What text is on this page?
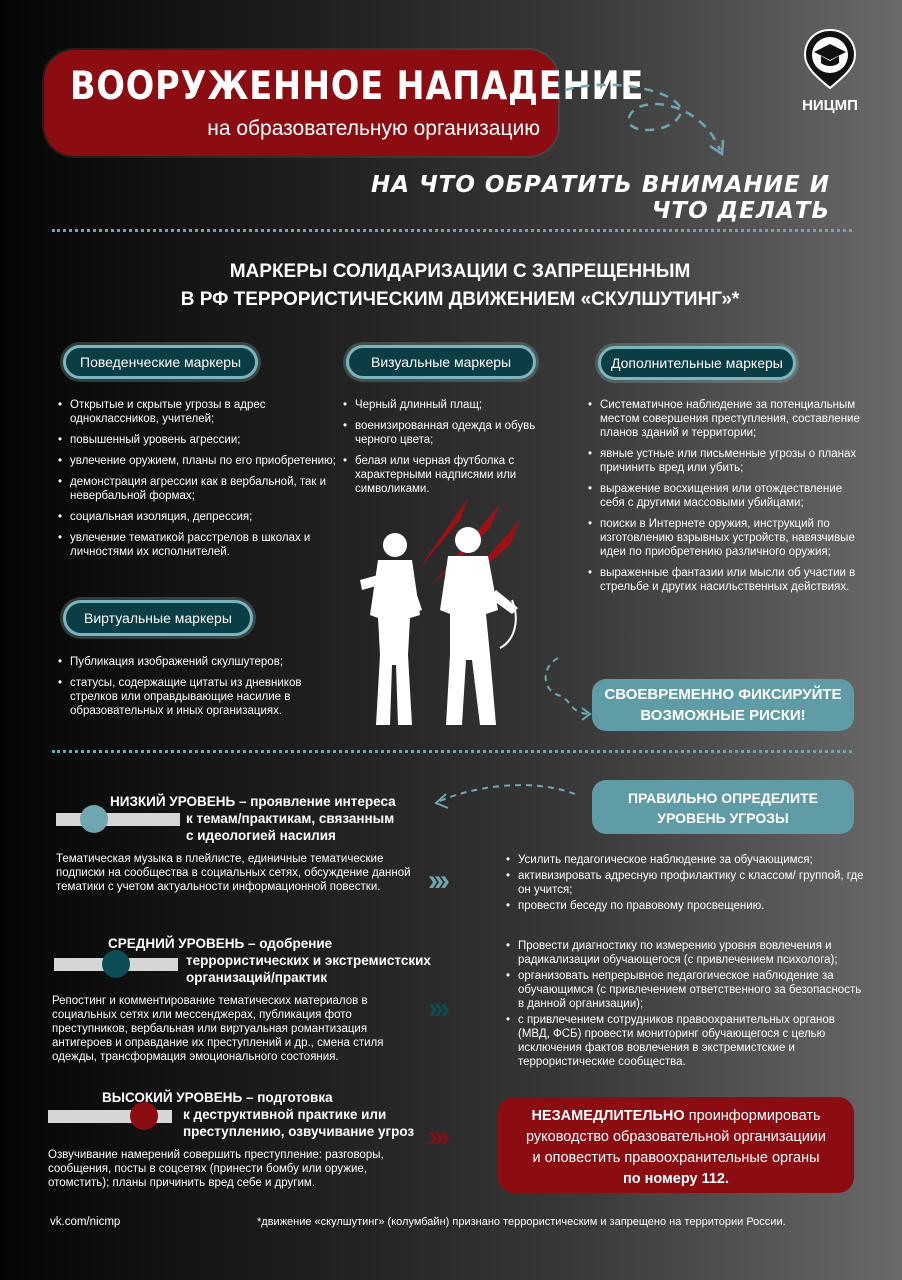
ВООРУЖЕННОЕ НАПАДЕНИЕ
на образовательную организацию
НИЦМП
НА ЧТО ОБРАТИТЬ ВНИМАНИЕ И ЧТО ДЕЛАТЬ
МАРКЕРЫ СОЛИДАРИЗАЦИИ С ЗАПРЕЩЕННЫМ
В РФ ТЕРРОРИСТИЧЕСКИМ ДВИЖЕНИЕМ «СКУЛШУТИНГ»*
Поведенческие маркеры
• Открытые и скрытые угрозы в адрес одноклассников, учителей;
• повышенный уровень агрессии;
• увлечение оружием, планы по его приобретению;
• демонстрация агрессии как в вербальной, так и невербальной формах;
• социальная изоляция, депрессия;
• увлечение тематикой расстрелов в школах и личностями их исполнителей.
Виртуальные маркеры
• Публикация изображений скулшутеров;
• статусы, содержащие цитаты из дневников стрелков или оправдывающие насилие в образовательных и иных организациях.
Визуальные маркеры
• Черный длинный плащ;
• военизированная одежда и обувь черного цвета;
• белая или черная футболка с характерными надписями или символиками.
Дополнительные маркеры
• Систематичное наблюдение за потенциальным местом совершения преступления, составление планов зданий и территории;
• явные устные или письменные угрозы о планах причинить вред или убить;
• выражение восхищения или отождествление себя с другими массовыми убийцами;
• поиски в Интернете оружия, инструкций по изготовлению взрывных устройств, навязчивые идеи по приобретению различного оружия;
• выраженные фантазии или мысли об участии в стрельбе и других насильственных действиях.
СВОЕВРЕМЕННО ФИКСИРУЙТЕ
ВОЗМОЖНЫЕ РИСКИ!
ПРАВИЛЬНО ОПРЕДЕЛИТЕ
УРОВЕНЬ УГРОЗЫ
НИЗКИЙ УРОВЕНЬ – проявление интереса
к темам/практикам, связанным
с идеологией насилия
Тематическая музыка в плейлисте, единичные тематические подписки на сообщества в социальных сетях, обсуждение данной тематики с учетом актуальности информационной повестки.	›››
• Усилить педагогическое наблюдение за обучающимся;
• активизировать адресную профилактику с классом/ группой, где он учится;
• провести беседу по правовому просвещению.
СРЕДНИЙ УРОВЕНЬ – одобрение
террористических и экстремистских
организаций/практик
Репостинг и комментирование тематических материалов в социальных сетях или мессенджерах, публикация фото преступников, вербальная или виртуальная романтизация антигероев и оправдание их преступлений и др., смена стиля одежды, трансформация эмоционального состояния.
›››
• Провести диагностику по измерению уровня вовлечения и радикализации обучающегося (с привлечением психолога);
• организовать непрерывное педагогическое наблюдение за обучающимся (с привлечением ответственного за безопасность в данной организации);
• с привлечением сотрудников правоохранительных органов (МВД, ФСБ) провести мониторинг обучающегося с целью исключения фактов вовлечения в экстремистские и террористические сообщества.
ВЫСОКИЙ УРОВЕНЬ – подготовка
к деструктивной практике или
преступлению, озвучивание угроз
Озвучивание намерений совершить преступление: разговоры, сообщения, посты в соцсетях (принести бомбу или оружие, отомстить); планы причинить вред себе и другим.
›››
НЕЗАМЕДЛИТЕЛЬНО проинформировать
руководство образовательной организациии
и оповестить правоохранительные органы
по номеру 112.
vk.com/nicmp	*движение «скулшутинг» (колумбайн) признано террористическим и запрещено на территории России.
